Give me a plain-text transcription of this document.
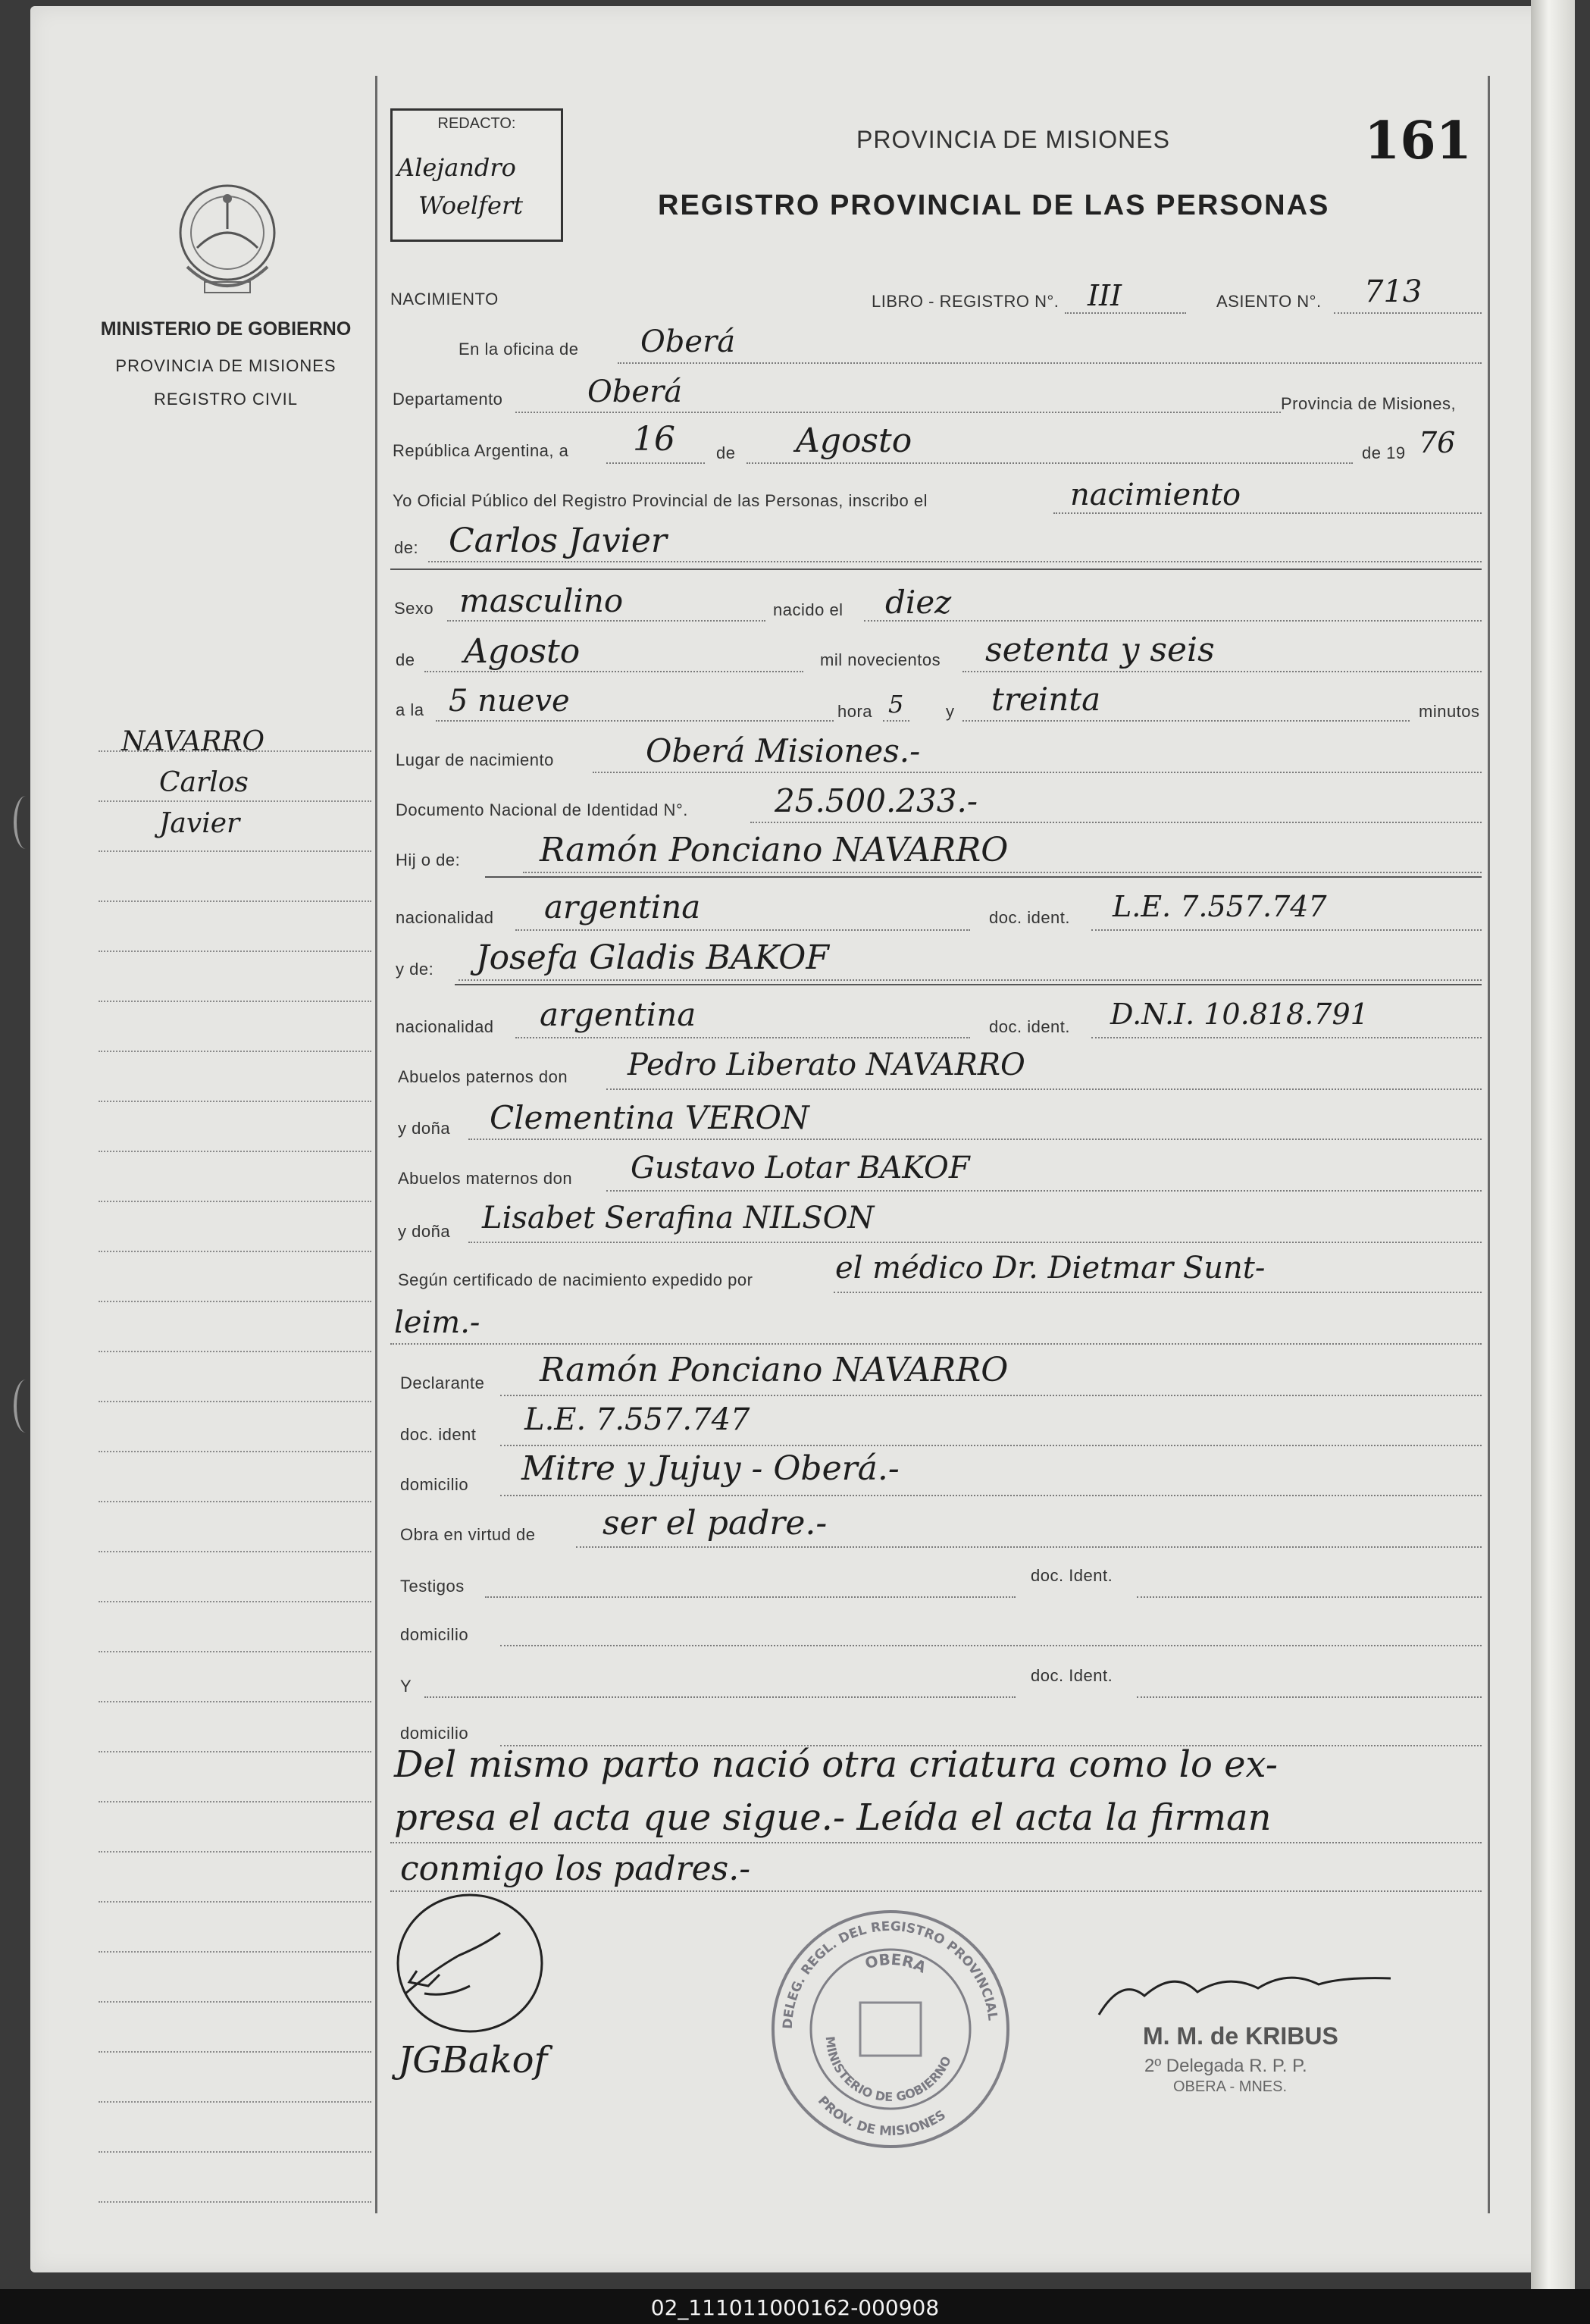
MINISTERIO DE GOBIERNO
PROVINCIA DE MISIONES
REGISTRO CIVIL
NAVARRO
Carlos
Javier
REDACTO:
Alejandro
Woelfert
PROVINCIA DE MISIONES	161
REGISTRO PROVINCIAL DE LAS PERSONAS
NACIMIENTO	LIBRO - REGISTRO N°. III	ASIENTO N°. 713
En la oficina de Oberá
Departamento	Oberá	Provincia de Misiones,
República Argentina, a 16 de Agosto	de 19 76
Yo Oficial Público del Registro Provincial de las Personas, inscribo el	nacimiento
de: Carlos Javier
Sexo masculino	nacido el diez
de Agosto	mil novecientos setenta y seis
a la 5 nueve	hora 5	y treinta	minutos
Lugar de nacimiento	Oberá Misiones.-
Documento Nacional de Identidad N°.	25.500.233.-
Hij o de: Ramón Ponciano NAVARRO
nacionalidad argentina	doc. ident. L.E. 7.557.747
y de: Josefa Gladis BAKOF
nacionalidad argentina	doc. ident. D.N.I. 10.818.791
Abuelos paternos don Pedro Liberato NAVARRO
y doña Clementina VERON
Abuelos maternos don Gustavo Lotar BAKOF
y doña Lisabet Serafina NILSON
Según certificado de nacimiento expedido por	el médico Dr. Dietmar Sunt-
leim.-
Declarante Ramón Ponciano NAVARRO
doc. ident L.E. 7.557.747
domicilio Mitre y Jujuy - Oberá.-
Obra en virtud de ser el padre.-
Testigos
doc. Ident.
domicilio
Y
doc. Ident.
domicilio
Del mismo parto nació otra criatura como lo ex-
presa el acta que sigue.- Leída el acta la firman
conmigo los padres.-
JGBakof
DELEG. REGL. DEL REGISTRO PROVINCIAL
OBERA
MINISTERIO DE GOBIERNO
PROV. DE MISIONES
M. M. de KRIBUS
2º Delegada R. P. P.
OBERA - MNES.
02_111011000162-000908
